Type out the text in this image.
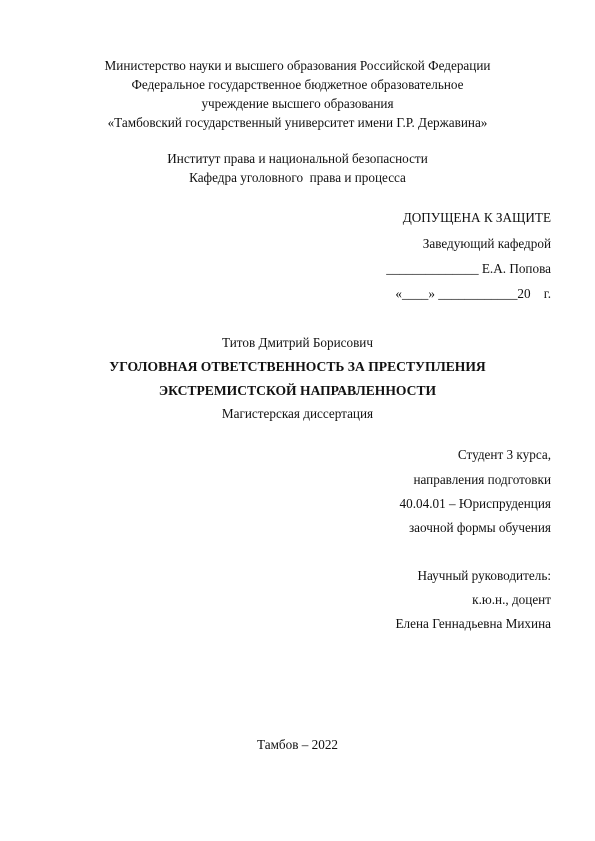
Министерство науки и высшего образования Российской Федерации
Федеральное государственное бюджетное образовательное
учреждение высшего образования
«Тамбовский государственный университет имени Г.Р. Державина»
Институт права и национальной безопасности
Кафедра уголовного  права и процесса
ДОПУЩЕНА К ЗАЩИТЕ
Заведующий кафедрой
______________ Е.А. Попова
«____» ____________20    г.
Титов Дмитрий Борисович
УГОЛОВНАЯ ОТВЕТСТВЕННОСТЬ ЗА ПРЕСТУПЛЕНИЯ
ЭКСТРЕМИСТСКОЙ НАПРАВЛЕННОСТИ
Магистерская диссертация
Студент 3 курса,
направления подготовки
40.04.01 – Юриспруденция
заочной формы обучения
Научный руководитель:
к.ю.н., доцент
Елена Геннадьевна Михина
Тамбов – 2022
